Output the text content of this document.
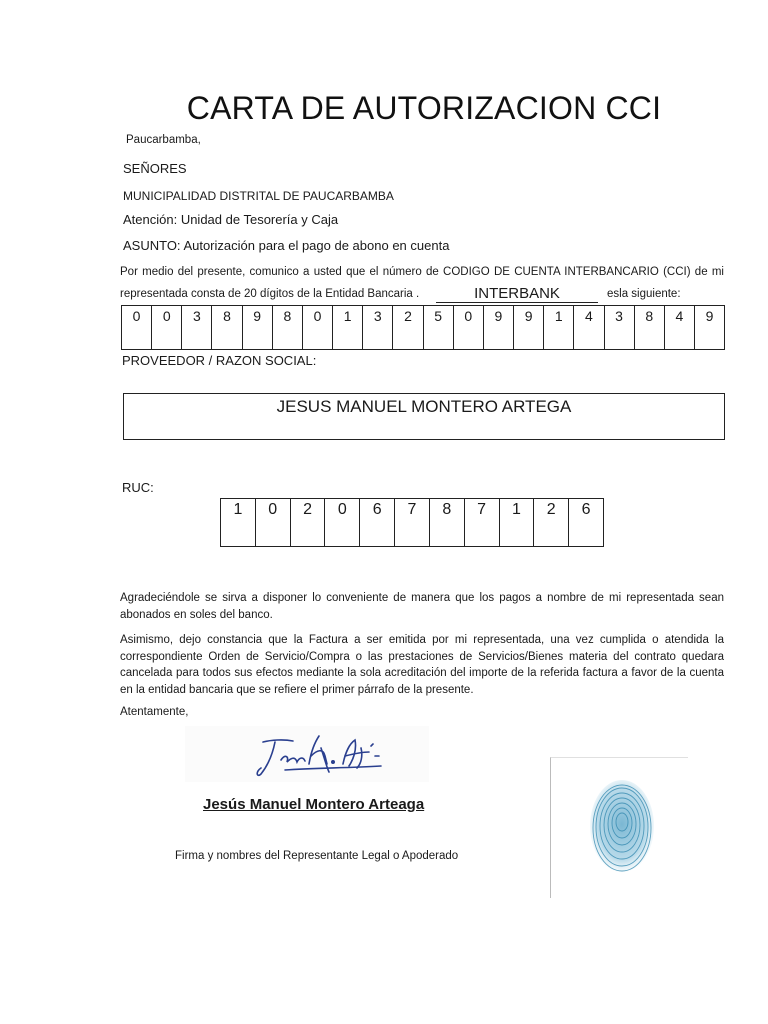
CARTA DE AUTORIZACION CCI
Paucarbamba,
SEÑORES
MUNICIPALIDAD DISTRITAL DE PAUCARBAMBA
Atención: Unidad de Tesorería y Caja
ASUNTO: Autorización para el pago de abono en cuenta
Por medio del presente, comunico a usted que el número de CODIGO DE CUENTA INTERBANCARIO (CCI) de mi
representada consta de 20 dígitos de la Entidad Bancaria .	INTERBANK	esla siguiente:
0	0	3	8	9	8	0	1	3	2	5	0	9	9	1	4	3	8	4	9
PROVEEDOR / RAZON SOCIAL:
JESUS MANUEL MONTERO ARTEGA
RUC:
1	0	2	0	6	7	8	7	1	2	6
Agradeciéndole se sirva a disponer lo conveniente de manera que los pagos a nombre de mi representada sean abonados en soles del banco.
Asimismo, dejo constancia que la Factura a ser emitida por mi representada, una vez cumplida o atendida la correspondiente Orden de Servicio/Compra o las prestaciones de Servicios/Bienes materia del contrato quedara cancelada para todos sus efectos mediante la sola acreditación del importe de la referida factura a favor de la cuenta en la entidad bancaria que se refiere el primer párrafo de la presente.
Atentamente,
Jesús Manuel Montero Arteaga
Firma y nombres del Representante Legal o Apoderado
